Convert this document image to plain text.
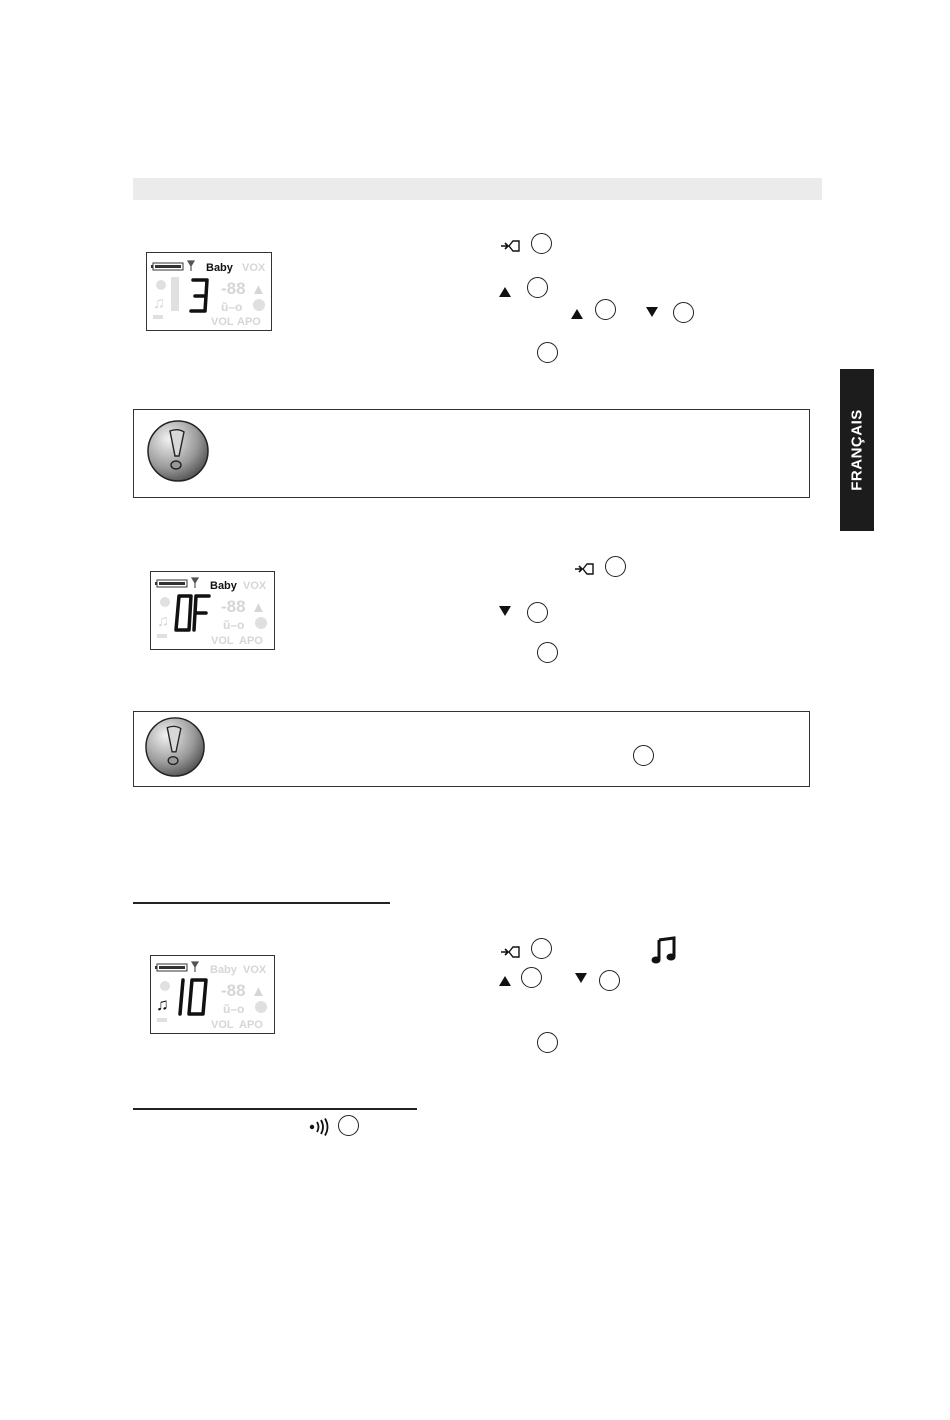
FRANÇAIS
Baby VOX
♫
-88 ▲
ŭ–o
VOL APO
Baby VOX
♫
-88 ▲
ŭ–o
VOL APO
Baby VOX
♫
-88 ▲
ŭ–o
VOL APO
